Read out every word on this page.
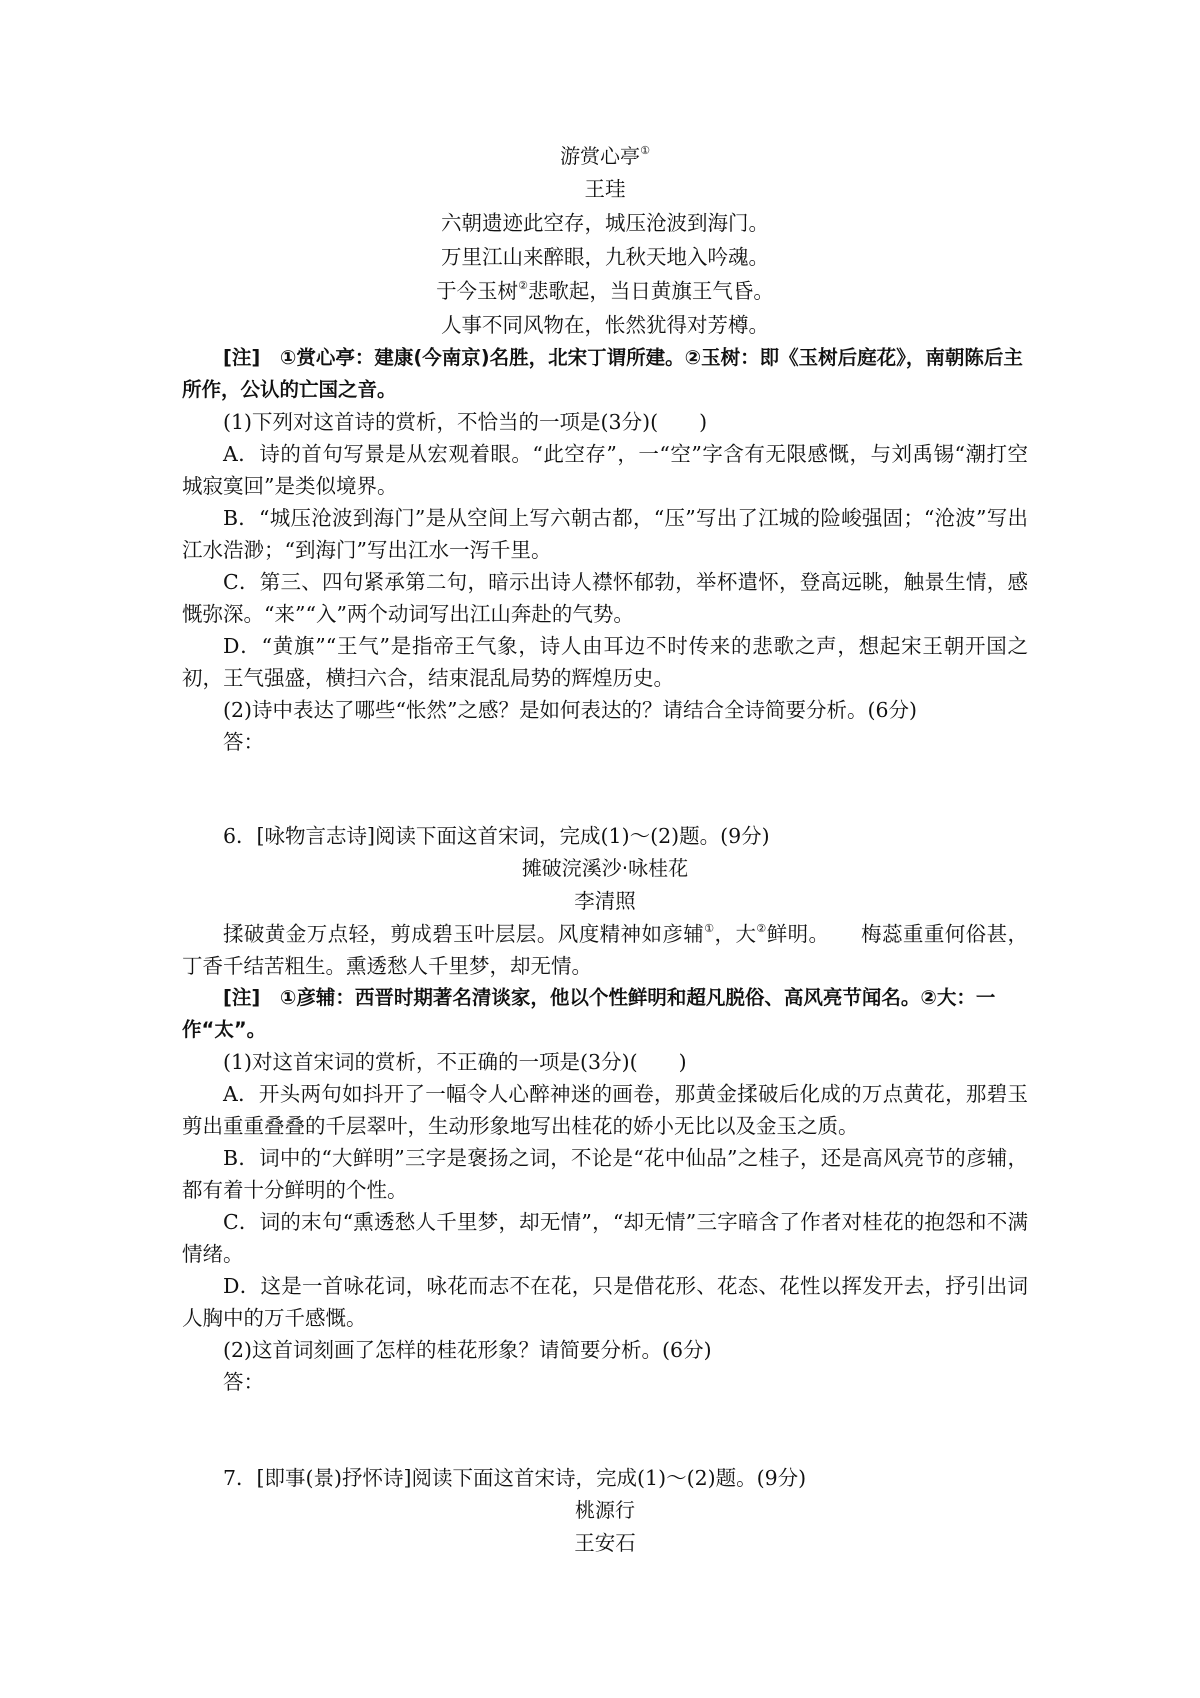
游赏心亭①
王珪
六朝遗迹此空存，城压沧波到海门。
万里江山来醉眼，九秋天地入吟魂。
于今玉树②悲歌起，当日黄旗王气昏。
人事不同风物在，怅然犹得对芳樽。

[注]　①赏心亭：建康(今南京)名胜，北宋丁谓所建。②玉树：即《玉树后庭花》，南朝陈后主所作，公认的亡国之音。

(1)下列对这首诗的赏析，不恰当的一项是(3分)(　　)

A．诗的首句写景是从宏观着眼。“此空存”，一“空”字含有无限感慨，与刘禹锡“潮打空城寂寞回”是类似境界。

B．“城压沧波到海门”是从空间上写六朝古都，“压”写出了江城的险峻强固；“沧波”写出江水浩渺；“到海门”写出江水一泻千里。

C．第三、四句紧承第二句，暗示出诗人襟怀郁勃，举杯遣怀，登高远眺，触景生情，感慨弥深。“来”“入”两个动词写出江山奔赴的气势。

D．“黄旗”“王气”是指帝王气象，诗人由耳边不时传来的悲歌之声，想起宋王朝开国之初，王气强盛，横扫六合，结束混乱局势的辉煌历史。

(2)诗中表达了哪些“怅然”之感？是如何表达的？请结合全诗简要分析。(6分)

答：

6．[咏物言志诗]阅读下面这首宋词，完成(1)～(2)题。(9分)

摊破浣溪沙·咏桂花
李清照

揉破黄金万点轻，剪成碧玉叶层层。风度精神如彦辅①，大②鲜明。　　梅蕊重重何俗甚，丁香千结苦粗生。熏透愁人千里梦，却无情。

[注]　①彦辅：西晋时期著名清谈家，他以个性鲜明和超凡脱俗、高风亮节闻名。②大：一作“太”。

(1)对这首宋词的赏析，不正确的一项是(3分)(　　)

A．开头两句如抖开了一幅令人心醉神迷的画卷，那黄金揉破后化成的万点黄花，那碧玉剪出重重叠叠的千层翠叶，生动形象地写出桂花的娇小无比以及金玉之质。

B．词中的“大鲜明”三字是褒扬之词，不论是“花中仙品”之桂子，还是高风亮节的彦辅，都有着十分鲜明的个性。

C．词的末句“熏透愁人千里梦，却无情”，“却无情”三字暗含了作者对桂花的抱怨和不满情绪。

D．这是一首咏花词，咏花而志不在花，只是借花形、花态、花性以挥发开去，抒引出词人胸中的万千感慨。

(2)这首词刻画了怎样的桂花形象？请简要分析。(6分)

答：

7．[即事(景)抒怀诗]阅读下面这首宋诗，完成(1)～(2)题。(9分)

桃源行
王安石
